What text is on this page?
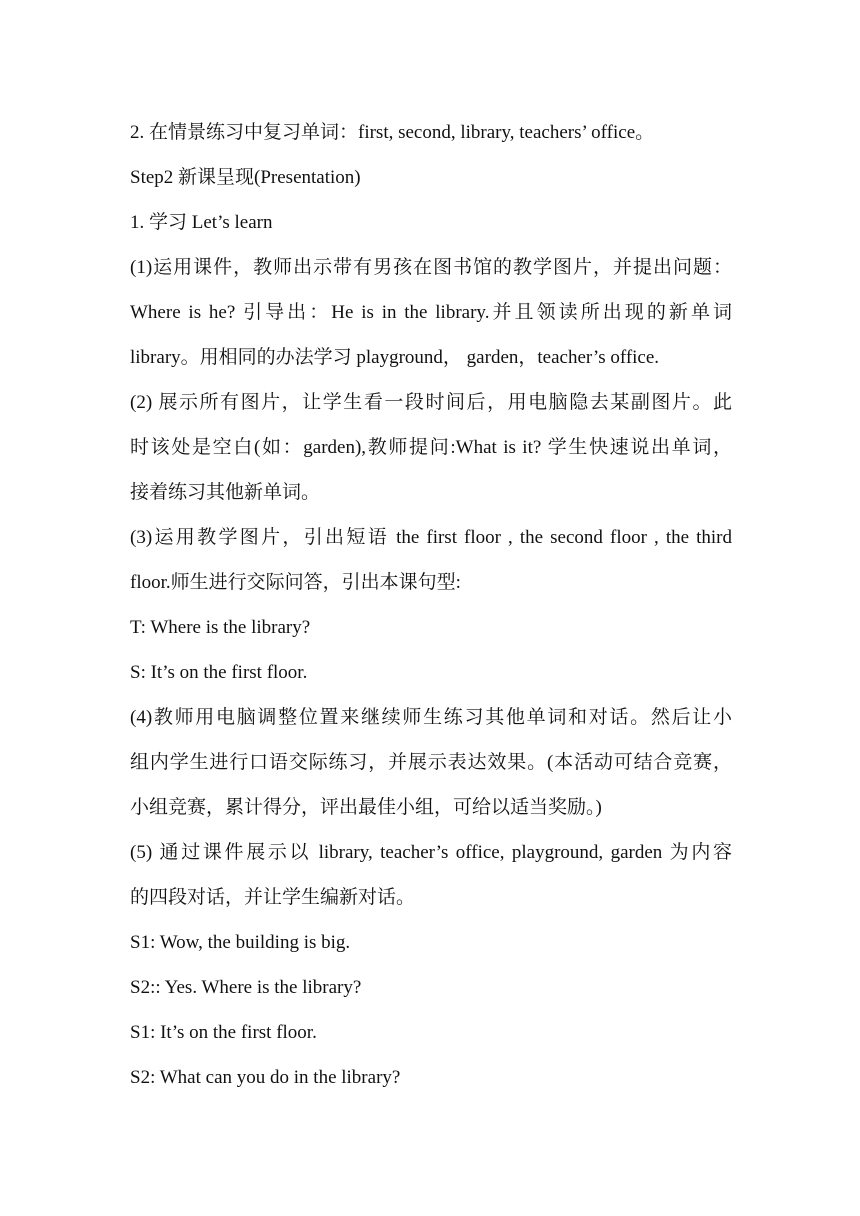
2. 在情景练习中复习单词：first, second, library, teachers’ office。
Step2 新课呈现(Presentation)
1. 学习 Let’s learn
(1)运用课件，教师出示带有男孩在图书馆的教学图片，并提出问题：
Where is he? 引导出：He is in the library.并且领读所出现的新单词
library。用相同的办法学习 playground， garden，teacher’s office.
(2) 展示所有图片，让学生看一段时间后，用电脑隐去某副图片。此
时该处是空白(如：garden),教师提问:What is it? 学生快速说出单词，
接着练习其他新单词。
(3)运用教学图片，引出短语 the first floor , the second floor , the third
floor.师生进行交际问答，引出本课句型:
T: Where is the library?
S: It’s on the first floor.
(4)教师用电脑调整位置来继续师生练习其他单词和对话。然后让小
组内学生进行口语交际练习，并展示表达效果。(本活动可结合竞赛，
小组竞赛，累计得分，评出最佳小组，可给以适当奖励。)
(5) 通过课件展示以 library, teacher’s office, playground, garden 为内容
的四段对话，并让学生编新对话。
S1: Wow, the building is big.
S2:: Yes. Where is the library?
S1: It’s on the first floor.
S2: What can you do in the library?
